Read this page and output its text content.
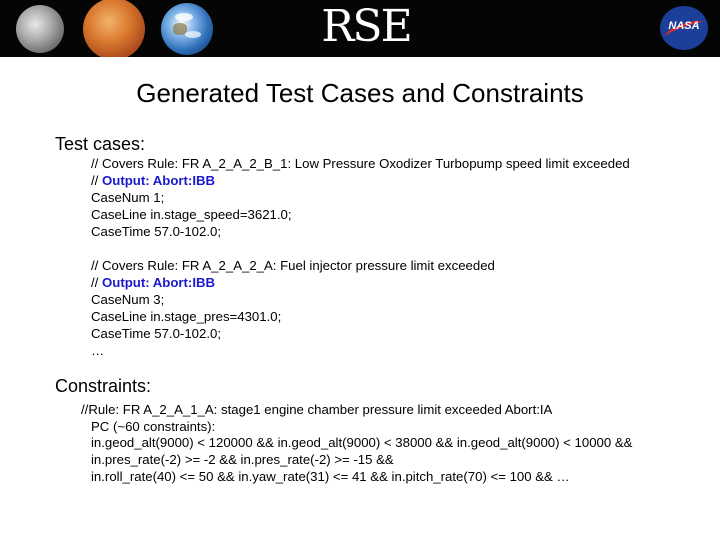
RSE	NASA
Generated Test Cases and Constraints
Test cases:
// Covers Rule: FR A_2_A_2_B_1: Low Pressure Oxodizer Turbopump speed limit exceeded
// Output: Abort:IBB
CaseNum 1;
CaseLine in.stage_speed=3621.0;
CaseTime 57.0-102.0;
// Covers Rule: FR A_2_A_2_A: Fuel injector pressure limit exceeded
// Output: Abort:IBB
CaseNum 3;
CaseLine in.stage_pres=4301.0;
CaseTime 57.0-102.0;
…
Constraints:
//Rule: FR A_2_A_1_A: stage1 engine chamber pressure limit exceeded Abort:IA
PC (~60 constraints):
in.geod_alt(9000) < 120000 && in.geod_alt(9000) < 38000 && in.geod_alt(9000) < 10000 &&
in.pres_rate(-2) >= -2 && in.pres_rate(-2) >= -15 &&
in.roll_rate(40) <= 50 && in.yaw_rate(31) <= 41 && in.pitch_rate(70) <= 100 && …
